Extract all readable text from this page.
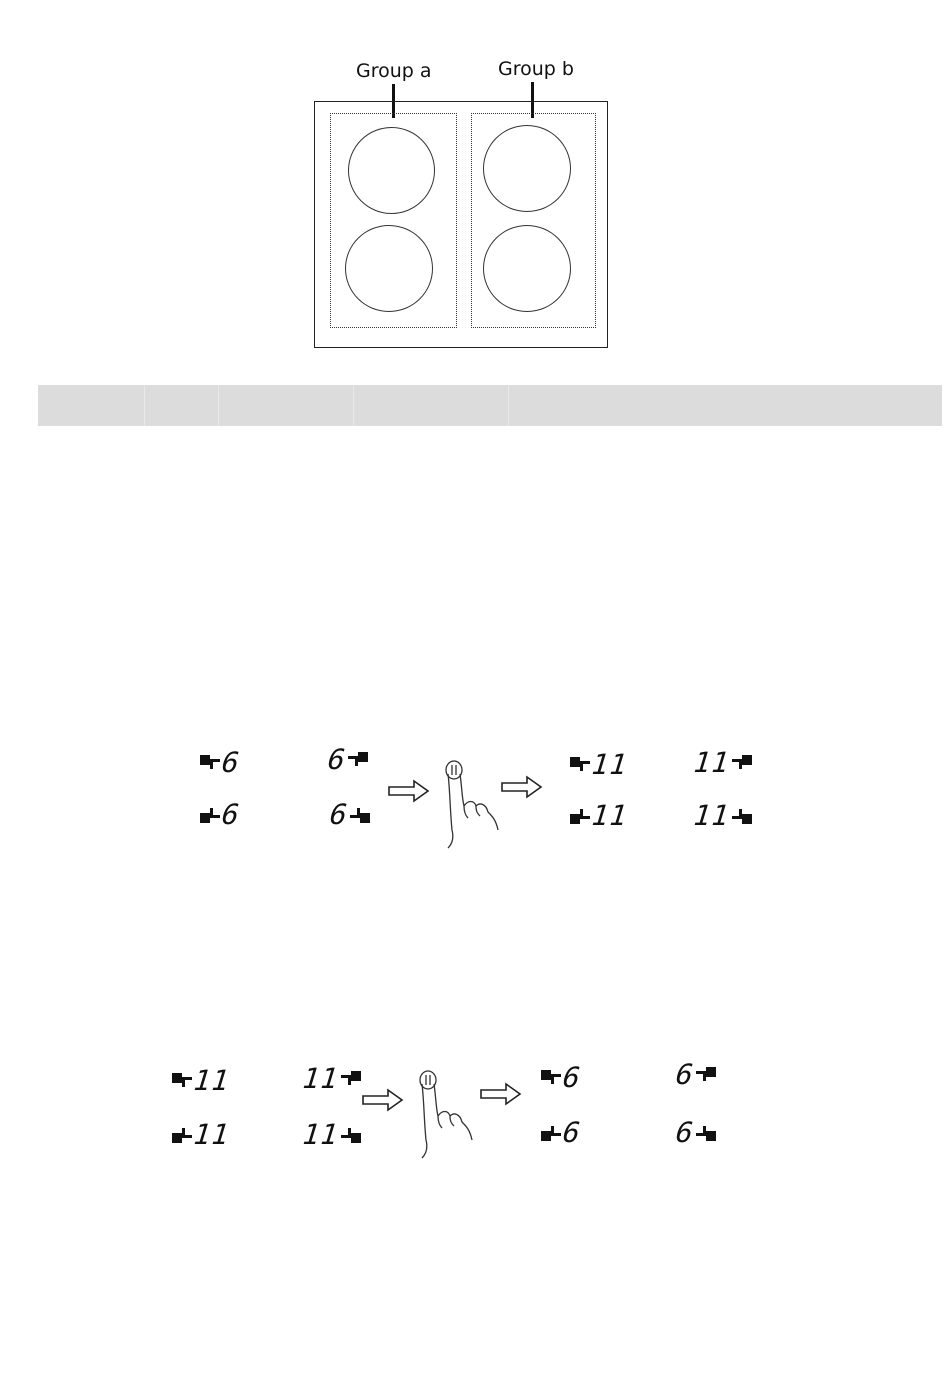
Group a	Group b
6	6
6	6
11 11
11 11
11 11
11 11
6	6
6	6
